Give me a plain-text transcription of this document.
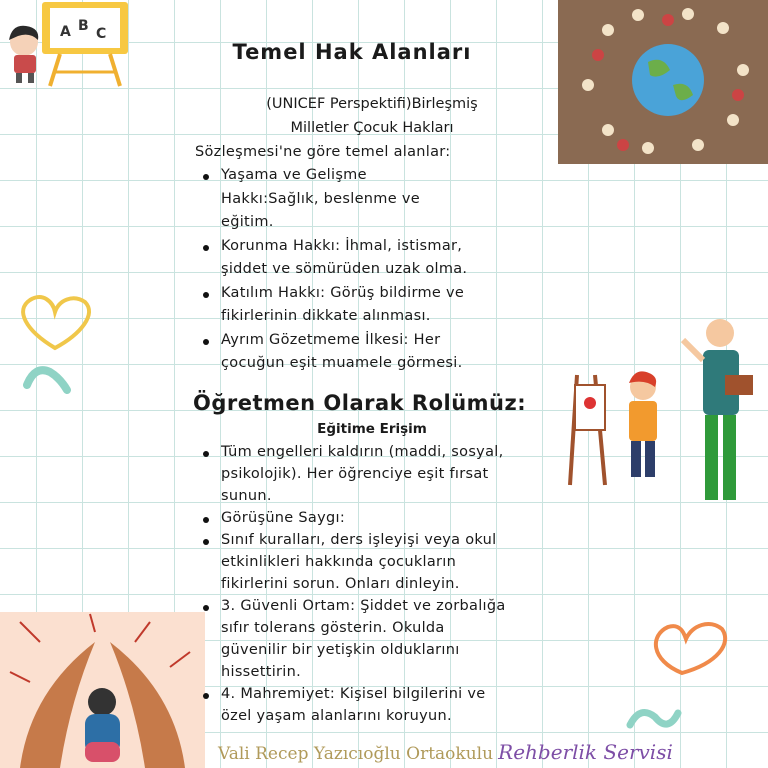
A B C
Temel Hak Alanları
(UNICEF Perspektifi)Birleşmiş
Milletler Çocuk Hakları
Sözleşmesi'ne göre temel alanlar:
Yaşama ve Gelişme
Hakkı:Sağlık, beslenme ve
eğitim.
Korunma Hakkı: İhmal, istismar,
şiddet ve sömürüden uzak olma.
Katılım Hakkı: Görüş bildirme ve
fikirlerinin dikkate alınması.
Ayrım Gözetmeme İlkesi: Her
çocuğun eşit muamele görmesi.
Öğretmen Olarak Rolümüz:
Eğitime Erişim
Tüm engelleri kaldırın (maddi, sosyal,
psikolojik). Her öğrenciye eşit fırsat
sunun.
Görüşüne Saygı:
Sınıf kuralları, ders işleyişi veya okul
etkinlikleri hakkında çocukların
fikirlerini sorun. Onları dinleyin.
3. Güvenli Ortam: Şiddet ve zorbalığa
sıfır tolerans gösterin. Okulda
güvenilir bir yetişkin olduklarını
hissettirin.
4. Mahremiyet: Kişisel bilgilerini ve
özel yaşam alanlarını koruyun.
Vali Recep Yazıcıoğlu Ortaokulu Rehberlik Servisi
